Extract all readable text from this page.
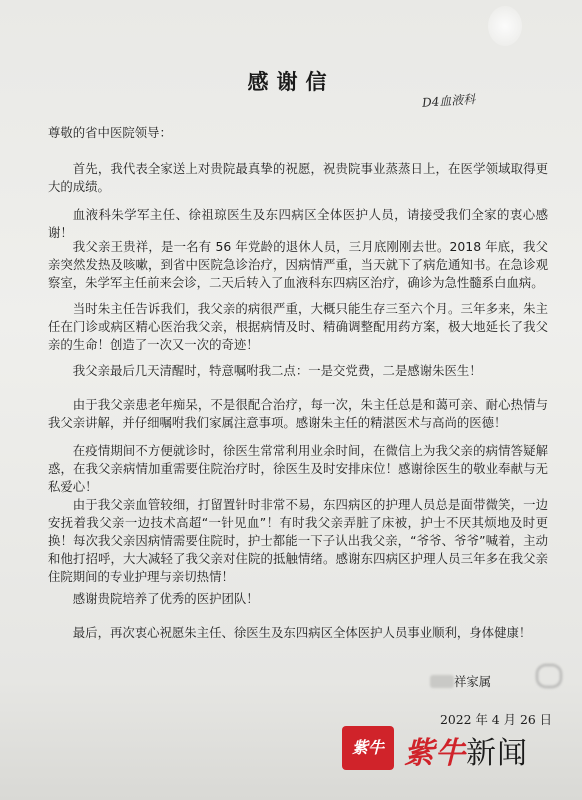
感谢信
D4血液科
尊敬的省中医院领导：
首先，我代表全家送上对贵院最真挚的祝愿，祝贵院事业蒸蒸日上，在医学领域取得更大的成绩。
血液科朱学军主任、徐祖琼医生及东四病区全体医护人员，请接受我们全家的衷心感谢！
我父亲王贵祥，是一名有 56 年党龄的退休人员，三月底刚刚去世。2018 年底，我父亲突然发热及咳嗽，到省中医院急诊治疗，因病情严重，当天就下了病危通知书。在急诊观察室，朱学军主任前来会诊，二天后转入了血液科东四病区治疗，确诊为急性髓系白血病。
当时朱主任告诉我们，我父亲的病很严重，大概只能生存三至六个月。三年多来，朱主任在门诊或病区精心医治我父亲，根据病情及时、精确调整配用药方案，极大地延长了我父亲的生命！创造了一次又一次的奇迹！
我父亲最后几天清醒时，特意嘱咐我二点：一是交党费，二是感谢朱医生！
由于我父亲患老年痴呆，不是很配合治疗，每一次，朱主任总是和蔼可亲、耐心热情与我父亲讲解，并仔细嘱咐我们家属注意事项。感谢朱主任的精湛医术与高尚的医德！
在疫情期间不方便就诊时，徐医生常常利用业余时间，在微信上为我父亲的病情答疑解惑，在我父亲病情加重需要住院治疗时，徐医生及时安排床位！感谢徐医生的敬业奉献与无私爱心！
由于我父亲血管较细，打留置针时非常不易，东四病区的护理人员总是面带微笑，一边安抚着我父亲一边技术高超“一针见血”！有时我父亲弄脏了床被，护士不厌其烦地及时更换！每次我父亲因病情需要住院时，护士都能一下子认出我父亲，“爷爷、爷爷”喊着，主动和他打招呼，大大减轻了我父亲对住院的抵触情绪。感谢东四病区护理人员三年多在我父亲住院期间的专业护理与亲切热情！
感谢贵院培养了优秀的医护团队！
最后，再次衷心祝愿朱主任、徐医生及东四病区全体医护人员事业顺利，身体健康！
祥家属
2022 年 4 月 26 日
紫牛 紫牛新闻
